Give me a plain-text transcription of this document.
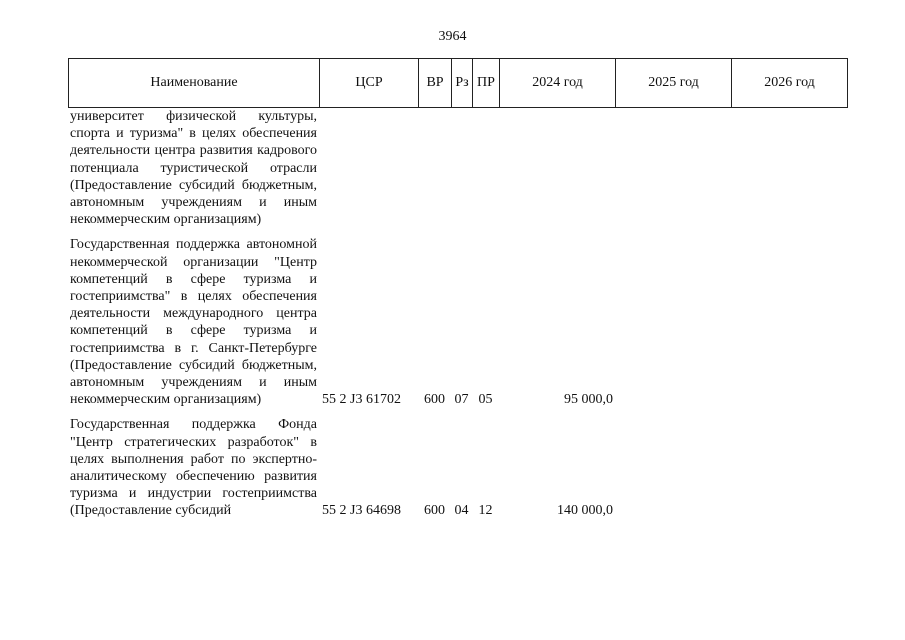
3964
Наименование	ЦСР	ВР	Рз	ПР	2024 год	2025 год	2026 год
университет физической культуры, спорта и туризма" в целях обеспечения деятельности центра развития кадрового потенциала туристической отрасли (Предоставление субсидий бюджетным, автономным учреждениям и иным некоммерческим организациям)							
Государственная поддержка автономной некоммерческой организации "Центр компетенций в сфере туризма и гостеприимства" в целях обеспечения деятельности международного центра компетенций в сфере туризма и гостеприимства в г. Санкт-Петербурге (Предоставление субсидий бюджетным, автономным учреждениям и иным некоммерческим организациям)	55 2 J3 61702	600	07	05	95 000,0		
Государственная поддержка Фонда "Центр стратегических разработок" в целях выполнения работ по экспертно-аналитическому обеспечению развития туризма и индустрии гостеприимства (Предоставление субсидий	55 2 J3 64698	600	04	12	140 000,0		
